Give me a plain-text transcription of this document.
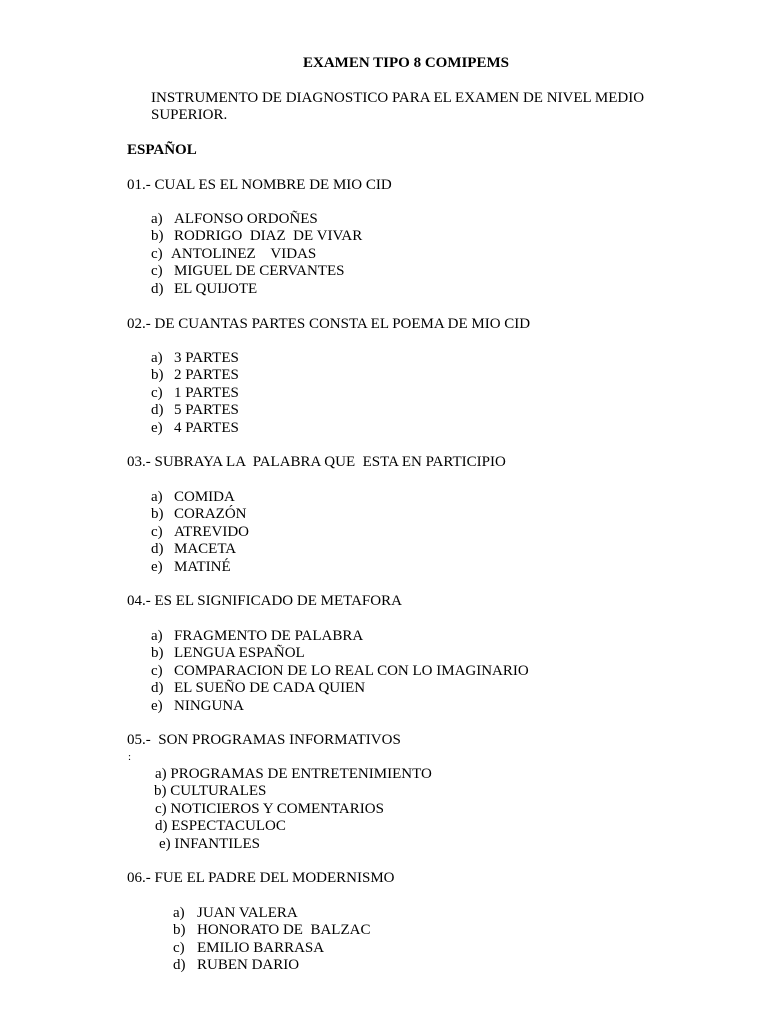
EXAMEN TIPO 8 COMIPEMS

INSTRUMENTO DE DIAGNOSTICO PARA EL EXAMEN DE NIVEL MEDIO SUPERIOR.

ESPAÑOL

01.- CUAL ES EL NOMBRE DE MIO CID

a) ALFONSO ORDOÑES
b) RODRIGO  DIAZ  DE VIVAR
c) ANTOLINEZ    VIDAS
c) MIGUEL DE CERVANTES
d) EL QUIJOTE

02.- DE CUANTAS PARTES CONSTA EL POEMA DE MIO CID

a) 3 PARTES
b) 2 PARTES
c) 1 PARTES
d) 5 PARTES
e) 4 PARTES

03.- SUBRAYA LA  PALABRA QUE  ESTA EN PARTICIPIO

a) COMIDA
b) CORAZÓN
c) ATREVIDO
d) MACETA
e) MATINÉ

04.- ES EL SIGNIFICADO DE METAFORA

a) FRAGMENTO DE PALABRA
b) LENGUA ESPAÑOL
c) COMPARACION DE LO REAL CON LO IMAGINARIO
d) EL SUEÑO DE CADA QUIEN
e) NINGUNA

05.-  SON PROGRAMAS INFORMATIVOS

:

a) PROGRAMAS DE ENTRETENIMIENTO
b) CULTURALES
c) NOTICIEROS Y COMENTARIOS
d) ESPECTACULOC
e) INFANTILES

06.- FUE EL PADRE DEL MODERNISMO

a) JUAN VALERA
b) HONORATO DE  BALZAC
c) EMILIO BARRASA
d) RUBEN DARIO
